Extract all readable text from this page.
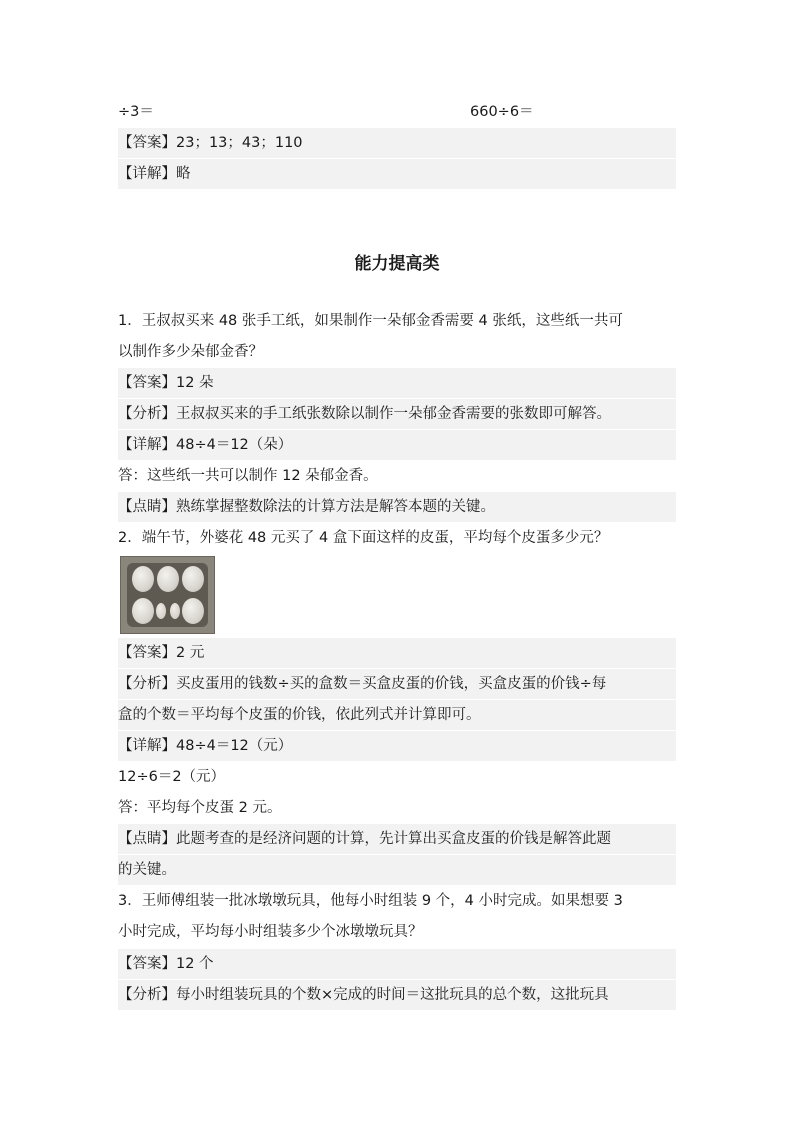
÷3＝	660÷6＝
【答案】23；13；43；110
【详解】略
能力提高类
1．王叔叔买来 48 张手工纸，如果制作一朵郁金香需要 4 张纸，这些纸一共可
以制作多少朵郁金香？
【答案】12 朵
【分析】王叔叔买来的手工纸张数除以制作一朵郁金香需要的张数即可解答。
【详解】48÷4＝12（朵）
答：这些纸一共可以制作 12 朵郁金香。
【点睛】熟练掌握整数除法的计算方法是解答本题的关键。
2．端午节，外婆花 48 元买了 4 盒下面这样的皮蛋，平均每个皮蛋多少元？
【答案】2 元
【分析】买皮蛋用的钱数÷买的盒数＝买盒皮蛋的价钱，买盒皮蛋的价钱÷每
盒的个数＝平均每个皮蛋的价钱，依此列式并计算即可。
【详解】48÷4＝12（元）
12÷6＝2（元）
答：平均每个皮蛋 2 元。
【点睛】此题考查的是经济问题的计算，先计算出买盒皮蛋的价钱是解答此题
的关键。
3．王师傅组装一批冰墩墩玩具，他每小时组装 9 个，4 小时完成。如果想要 3
小时完成，平均每小时组装多少个冰墩墩玩具？
【答案】12 个
【分析】每小时组装玩具的个数×完成的时间＝这批玩具的总个数，这批玩具
